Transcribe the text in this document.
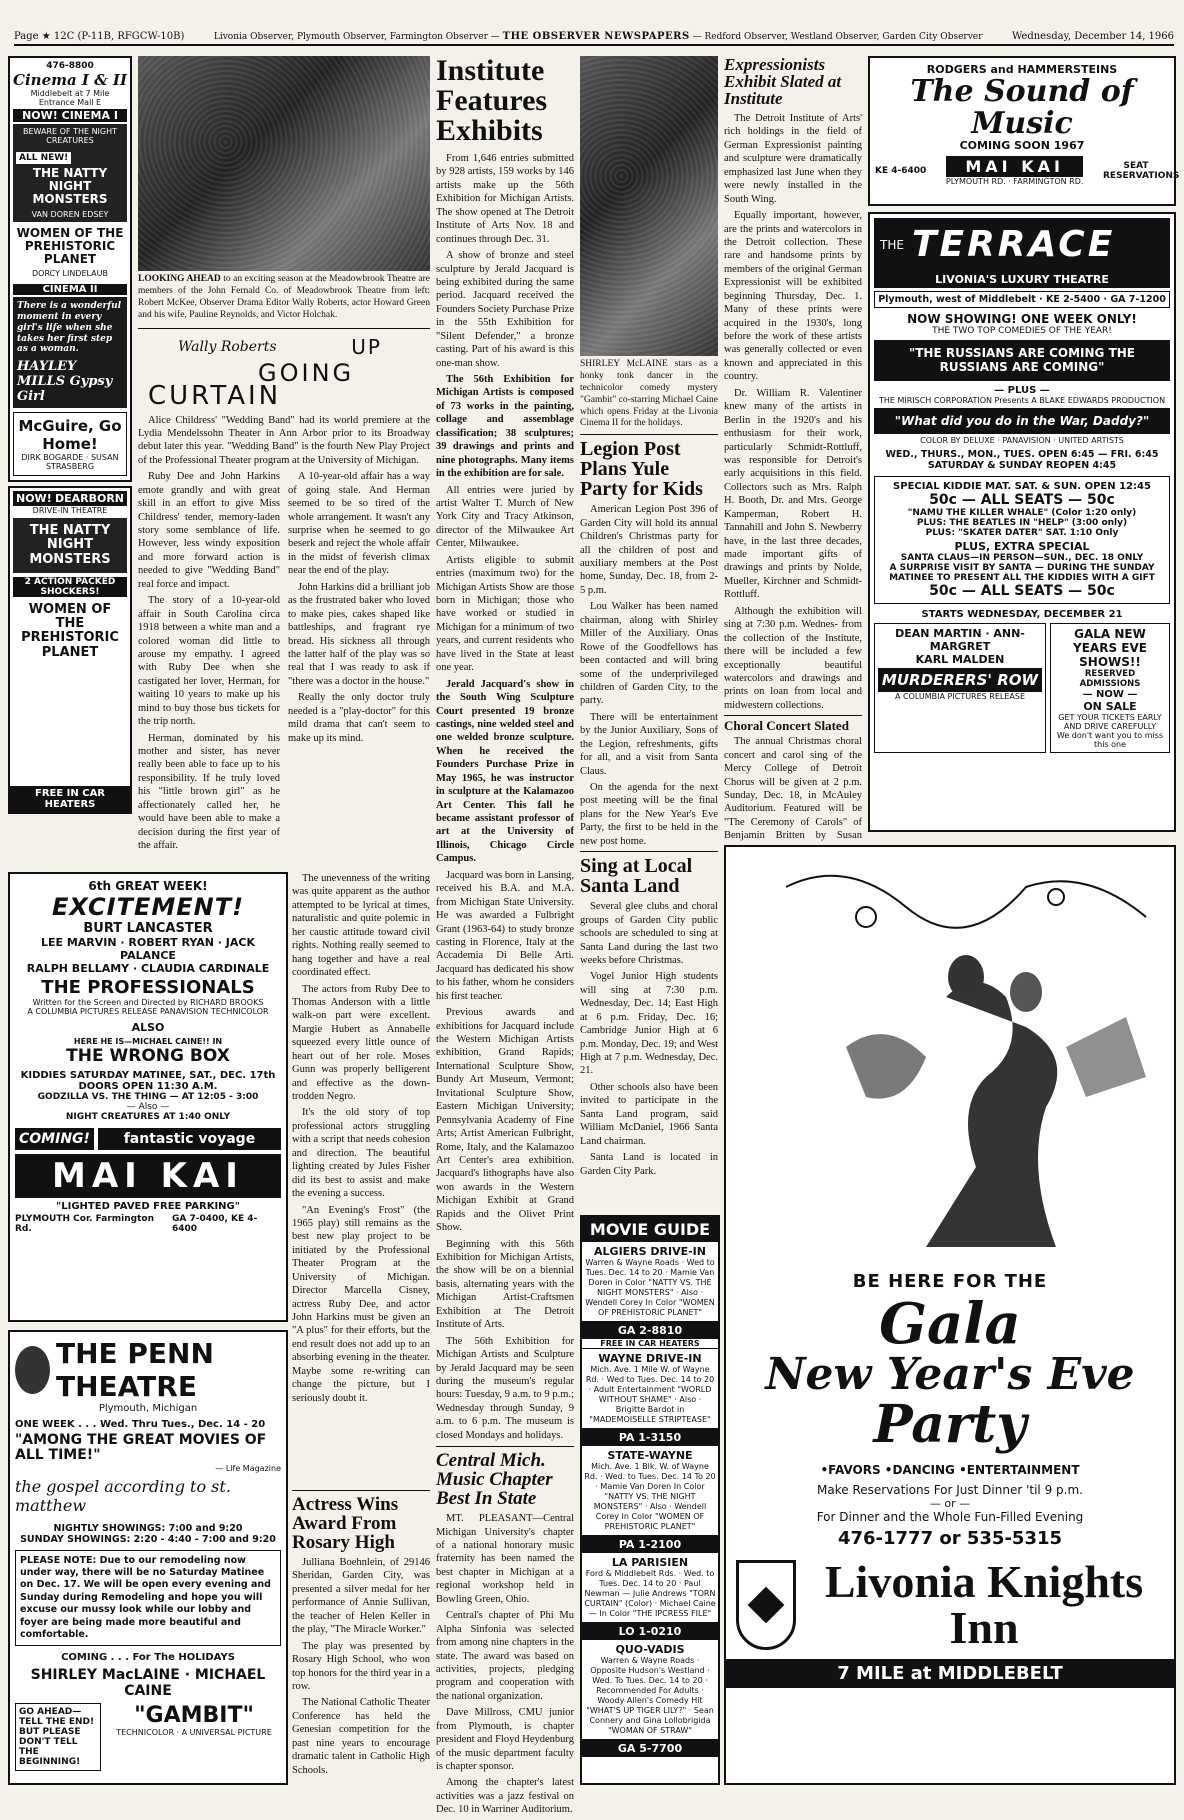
Page ★ 12C (P-11B, RFGCW-10B)	Livonia Observer, Plymouth Observer, Farmington Observer — THE OBSERVER NEWSPAPERS — Redford Observer, Westland Observer, Garden City Observer	Wednesday, December 14, 1966
476-8800
Cinema I & II
Middlebelt at 7 Mile Entrance Mall E
NOW! CINEMA I
BEWARE OF THE NIGHT CREATURES
ALL NEW!
THE NATTY NIGHT MONSTERS
VAN DOREN EDSEY
WOMEN OF THE PREHISTORIC PLANET
DORCY LINDELAUB
CINEMA II
There is a wonderful moment in every girl's life when she takes her first step as a woman.
HAYLEY MILLS Gypsy Girl
McGuire, Go Home!
DIRK BOGARDE · SUSAN STRASBERG
NOW! DEARBORN
DRIVE-IN THEATRE
THE NATTY NIGHT MONSTERS
2 ACTION PACKED SHOCKERS!
WOMEN OF THE PREHISTORIC PLANET
FREE IN CAR HEATERS
LOOKING AHEAD to an exciting season at the Meadowbrook Theatre are members of the John Fernald Co. of Meadowbrook Theatre from left: Robert McKee, Observer Drama Editor Wally Roberts, actor Howard Green and his wife, Pauline Reynolds, and Victor Holchak.
Wally Roberts	UP
GOING
CURTAIN

Alice Childress' "Wedding Band" had its world premiere at the Lydia Mendelssohn Theater in Ann Arbor prior to its Broadway debut later this year. "Wedding Band" is the fourth New Play Project of the Professional Theater program at the University of Michigan.

Ruby Dee and John Harkins emote grandly and with great skill in an effort to give Miss Childress' tender, memory-laden story some semblance of life. However, less windy exposition and more forward action is needed to give "Wedding Band" real force and impact.

The story of a 10-year-old affair in South Carolina circa 1918 between a white man and a colored woman did little to arouse my empathy. I agreed with Ruby Dee when she castigated her lover, Herman, for waiting 10 years to make up his mind to buy those bus tickets for the trip north.

Herman, dominated by his mother and sister, has never really been able to face up to his responsibility. If he truly loved his "little brown girl" as he affectionately called her, he would have been able to make a decision during the first year of the affair.

A 10-year-old affair has a way of going stale. And Herman seemed to be so tired of the whole arrangement. It wasn't any surprise when he seemed to go beserk and reject the whole affair in the midst of feverish climax near the end of the play.

John Harkins did a brilliant job as the frustrated baker who loved to make pies, cakes shaped like battleships, and fragrant rye bread. His sickness all through the latter half of the play was so real that I was ready to ask if "there was a doctor in the house."

Really the only doctor truly needed is a "play-doctor" for this mild drama that can't seem to make up its mind.

6th GREAT WEEK!
EXCITEMENT!
BURT LANCASTER
LEE MARVIN · ROBERT RYAN · JACK PALANCE
RALPH BELLAMY · CLAUDIA CARDINALE
THE PROFESSIONALS
Written for the Screen and Directed by RICHARD BROOKS
A COLUMBIA PICTURES RELEASE PANAVISION TECHNICOLOR
ALSO
HERE HE IS—MICHAEL CAINE!! IN
THE WRONG BOX
KIDDIES SATURDAY MATINEE, SAT., DEC. 17th
DOORS OPEN 11:30 A.M.
GODZILLA VS. THE THING — AT 12:05 - 3:00
— Also —
NIGHT CREATURES AT 1:40 ONLY
COMING!	fantastic voyage
MAI KAI
"LIGHTED PAVED FREE PARKING"
PLYMOUTH Cor. Farmington Rd.
GA 7-0400, KE 4-6400

The unevenness of the writing was quite apparent as the author attempted to be lyrical at times, naturalistic and quite polemic in her caustic attitude toward civil rights. Nothing really seemed to hang together and have a real coordinated effect.

The actors from Ruby Dee to Thomas Anderson with a little walk-on part were excellent. Margie Hubert as Annabelle squeezed every little ounce of heart out of her role. Moses Gunn was properly belligerent and effective as the down-trodden Negro.

It's the old story of top professional actors struggling with a script that needs cohesion and direction. The beautiful lighting created by Jules Fisher did its best to assist and make the evening a success.

"An Evening's Frost" (the 1965 play) still remains as the best new play project to be initiated by the Professional Theater Program at the University of Michigan. Director Marcella Cisney, actress Ruby Dee, and actor John Harkins must be given an "A plus" for their efforts, but the end result does not add up to an absorbing evening in the theater. Maybe some re-writing can change the picture, but I seriously doubt it.

THE PENN THEATRE
Plymouth, Michigan
ONE WEEK . . . Wed. Thru Tues., Dec. 14 - 20
"AMONG THE GREAT MOVIES OF ALL TIME!"
— Life Magazine
the gospel according to st. matthew
NIGHTLY SHOWINGS: 7:00 and 9:20
SUNDAY SHOWINGS: 2:20 - 4:40 - 7:00 and 9:20
PLEASE NOTE: Due to our remodeling now under way, there will be no Saturday Matinee on Dec. 17. We will be open every evening and Sunday during Remodeling and hope you will excuse our mussy look while our lobby and foyer are being made more beautiful and comfortable.
COMING . . . For The HOLIDAYS
SHIRLEY MacLAINE · MICHAEL CAINE
GO AHEAD— TELL THE END! BUT PLEASE DON'T TELL THE BEGINNING!
"GAMBIT"
TECHNICOLOR · A UNIVERSAL PICTURE
Actress Wins Award From Rosary High

Julliana Boehnlein, of 29146 Sheridan, Garden City, was presented a silver medal for her performance of Annie Sullivan, the teacher of Helen Keller in the play, "The Miracle Worker."

The play was presented by Rosary High School, who won top honors for the third year in a row.

The National Catholic Theater Conference has held the Genesian competition for the past nine years to encourage dramatic talent in Catholic High Schools.

Institute Features Exhibits

From 1,646 entries submitted by 928 artists, 159 works by 146 artists make up the 56th Exhibition for Michigan Artists. The show opened at The Detroit Institute of Arts Nov. 18 and continues through Dec. 31.

A show of bronze and steel sculpture by Jerald Jacquard is being exhibited during the same period. Jacquard received the Founders Society Purchase Prize in the 55th Exhibition for "Silent Defender," a bronze casting. Part of his award is this one-man show.

The 56th Exhibition for Michigan Artists is composed of 73 works in the painting, collage and assemblage classification; 38 sculptures; 39 drawings and prints and nine photographs. Many items in the exhibition are for sale.

All entries were juried by artist Walter T. Murch of New York City and Tracy Atkinson, director of the Milwaukee Art Center, Milwaukee.

Artists eligible to submit entries (maximum two) for the Michigan Artists Show are those born in Michigan; those who have worked or studied in Michigan for a minimum of two years, and current residents who have lived in the State at least one year.

Jerald Jacquard's show in the South Wing Sculpture Court presented 19 bronze castings, nine welded steel and one welded bronze sculpture. When he received the Founders Purchase Prize in May 1965, he was instructor in sculpture at the Kalamazoo Art Center. This fall he became assistant professor of art at the University of Illinois, Chicago Circle Campus.

Jacquard was born in Lansing, received his B.A. and M.A. from Michigan State University. He was awarded a Fulbright Grant (1963-64) to study bronze casting in Florence, Italy at the Accademia Di Belle Arti. Jacquard has dedicated his show to his father, whom he considers his first teacher.

Previous awards and exhibitions for Jacquard include the Western Michigan Artists exhibition, Grand Rapids; International Sculpture Show, Bundy Art Museum, Vermont; Invitational Sculpture Show, Eastern Michigan University; Pennsylvania Academy of Fine Arts; Artist American Fulbright, Rome, Italy, and the Kalamazoo Art Center's area exhibition. Jacquard's lithographs have also won awards in the Western Michigan Exhibit at Grand Rapids and the Olivet Print Show.

Beginning with this 56th Exhibition for Michigan Artists, the show will be on a biennial basis, alternating years with the Michigan Artist-Craftsmen Exhibition at The Detroit Institute of Arts.

The 56th Exhibition for Michigan Artists and Sculpture by Jerald Jacquard may be seen during the museum's regular hours: Tuesday, 9 a.m. to 9 p.m.; Wednesday through Sunday, 9 a.m. to 6 p.m. The museum is closed Mondays and holidays.

Central Mich. Music Chapter Best In State

MT. PLEASANT—Central Michigan University's chapter of a national honorary music fraternity has been named the best chapter in Michigan at a regional workshop held in Bowling Green, Ohio.

Central's chapter of Phi Mu Alpha Sinfonia was selected from among nine chapters in the state. The award was based on activities, projects, pledging program and cooperation with the national organization.

Dave Millross, CMU junior from Plymouth, is chapter president and Floyd Heydenburg of the music department faculty is chapter sponsor.

Among the chapter's latest activities was a jazz festival on Dec. 10 in Warriner Auditorium.

SHIRLEY McLAINE stars as a honky tonk dancer in the technicolor comedy mystery "Gambit" co-starring Michael Caine which opens Friday at the Livonia Cinema II for the holidays.
Legion Post Plans Yule Party for Kids

American Legion Post 396 of Garden City will hold its annual Children's Christmas party for all the children of post and auxiliary members at the Post home, Sunday, Dec. 18, from 2-5 p.m.

Lou Walker has been named chairman, along with Shirley Miller of the Auxiliary. Onas Rowe of the Goodfellows has been contacted and will bring some of the underprivileged children of Garden City, to the party.

There will be entertainment by the Junior Auxiliary, Sons of the Legion, refreshments, gifts for all, and a visit from Santa Claus.

On the agenda for the next post meeting will be the final plans for the New Year's Eve Party, the first to be held in the new post home.

Sing at Local Santa Land

Several glee clubs and choral groups of Garden City public schools are scheduled to sing at Santa Land during the last two weeks before Christmas.

Vogel Junior High students will sing at 7:30 p.m. Wednesday, Dec. 14; East High at 6 p.m. Friday, Dec. 16; Cambridge Junior High at 6 p.m. Monday, Dec. 19; and West High at 7 p.m. Wednesday, Dec. 21.

Other schools also have been invited to participate in the Santa Land program, said William McDaniel, 1966 Santa Land chairman.

Santa Land is located in Garden City Park.

MOVIE GUIDE
ALGIERS DRIVE-IN
Warren & Wayne Roads · Wed to Tues. Dec. 14 to 20 · Mamie Van Doren in Color "NATTY VS. THE NIGHT MONSTERS" · Also · Wendell Corey In Color "WOMEN OF PREHISTORIC PLANET"
GA 2-8810
FREE IN CAR HEATERS
WAYNE DRIVE-IN
Mich. Ave. 1 Mile W. of Wayne Rd. · Wed to Tues. Dec. 14 to 20 · Adult Entertainment "WORLD WITHOUT SHAME" · Also · Brigitte Bardot in "MADEMOISELLE STRIPTEASE"
PA 1-3150
STATE-WAYNE
Mich. Ave. 1 Blk. W. of Wayne Rd. · Wed. to Tues. Dec. 14 To 20 · Mamie Van Doren In Color "NATTY VS. THE NIGHT MONSTERS" · Also · Wendell Corey In Color "WOMEN OF PREHISTORIC PLANET"
PA 1-2100
LA PARISIEN
Ford & Middlebelt Rds. · Wed. to Tues. Dec. 14 to 20 · Paul Newman — Julie Andrews "TORN CURTAIN" (Color) · Michael Caine — In Color "THE IPCRESS FILE"
LO 1-0210
QUO-VADIS
Warren & Wayne Roads · Opposite Hudson's Westland · Wed. To Tues. Dec. 14 to 20 · Recommended For Adults · Woody Allen's Comedy Hit "WHAT'S UP TIGER LILY?" · Sean Connery and Gina Lollobrigida "WOMAN OF STRAW"
GA 5-7700
Expressionists Exhibit Slated at Institute

The Detroit Institute of Arts' rich holdings in the field of German Expressionist painting and sculpture were dramatically emphasized last June when they were newly installed in the South Wing.

Equally important, however, are the prints and watercolors in the Detroit collection. These rare and handsome prints by members of the original German Expressionist will be exhibited beginning Thursday, Dec. 1. Many of these prints were acquired in the 1930's, long before the work of these artists was generally collected or even known and appreciated in this country.

Dr. William R. Valentiner knew many of the artists in Berlin in the 1920's and his enthusiasm for their work, particularly Schmidt-Rottluff, was responsible for Detroit's early acquisitions in this field. Collectors such as Mrs. Ralph H. Booth, Dr. and Mrs. George Kamperman, Robert H. Tannahill and John S. Newberry have, in the last three decades, made important gifts of drawings and prints by Nolde, Mueller, Kirchner and Schmidt-Rottluff.

Although the exhibition will sing at 7:30 p.m. Wednes- from the collection of the Institute, there will be included a few exceptionally beautiful watercolors and drawings and prints on loan from local and midwestern collections.

Choral Concert Slated

The annual Christmas choral concert and carol sing of the Mercy College of Detroit Chorus will be given at 2 p.m. Sunday, Dec. 18, in McAuley Auditorium. Featured will be "The Ceremony of Carols" of Benjamin Britten by Susan

RODGERS and HAMMERSTEINS
The Sound of Music
COMING SOON 1967
KE 4-6400	MAI KAI
PLYMOUTH RD. · FARMINGTON RD.
SEAT RESERVATIONS
THE TERRACE
LIVONIA'S LUXURY THEATRE
Plymouth, west of Middlebelt · KE 2-5400 · GA 7-1200
NOW SHOWING! ONE WEEK ONLY!
THE TWO TOP COMEDIES OF THE YEAR!
"THE RUSSIANS ARE COMING THE RUSSIANS ARE COMING"
— PLUS —
THE MIRISCH CORPORATION Presents A BLAKE EDWARDS PRODUCTION
"What did you do in the War, Daddy?"
COLOR BY DELUXE · PANAVISION · UNITED ARTISTS
WED., THURS., MON., TUES. OPEN 6:45 — FRI. 6:45
SATURDAY & SUNDAY REOPEN 4:45
SPECIAL KIDDIE MAT. SAT. & SUN. OPEN 12:45
50c — ALL SEATS — 50c
"NAMU THE KILLER WHALE" (Color 1:20 only)
PLUS: THE BEATLES IN "HELP" (3:00 only)
PLUS: "SKATER DATER" SAT. 1:10 Only
PLUS, EXTRA SPECIAL
SANTA CLAUS—IN PERSON—SUN., DEC. 18 ONLY
A SURPRISE VISIT BY SANTA — DURING THE SUNDAY MATINEE TO PRESENT ALL THE KIDDIES WITH A GIFT
50c — ALL SEATS — 50c
STARTS WEDNESDAY, DECEMBER 21
DEAN MARTIN · ANN-MARGRET
KARL MALDEN
MURDERERS' ROW
A COLUMBIA PICTURES RELEASE
GALA NEW YEARS EVE SHOWS!!
RESERVED ADMISSIONS
— NOW —
ON SALE
GET YOUR TICKETS EARLY AND DRIVE CAREFULLY
We don't want you to miss this one
BE HERE FOR THE
Gala
New Year's Eve
Party
•FAVORS •DANCING •ENTERTAINMENT
Make Reservations For Just Dinner 'til 9 p.m.
— or —
For Dinner and the Whole Fun-Filled Evening
476-1777 or 535-5315
Livonia Knights Inn
7 MILE at MIDDLEBELT
